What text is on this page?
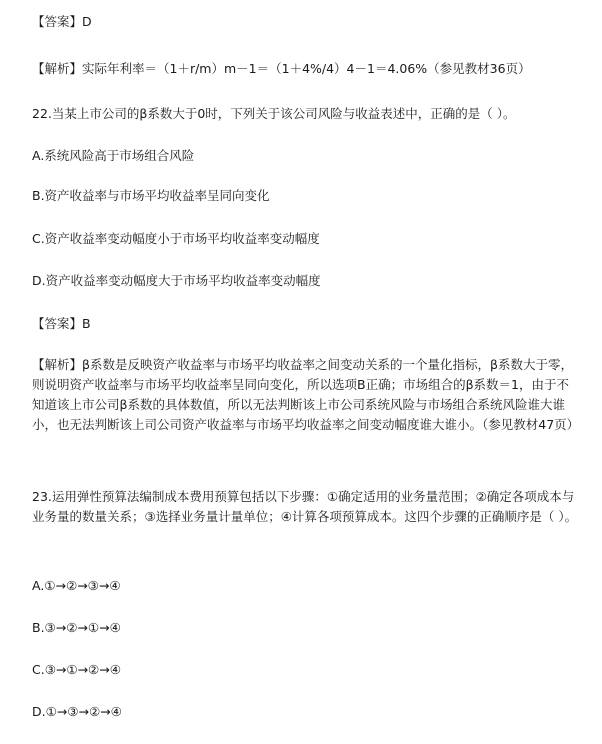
【答案】D
【解析】实际年利率＝（1＋r/m）m－1＝（1＋4%/4）4－1＝4.06%（参见教材36页）
22.当某上市公司的β系数大于0时，下列关于该公司风险与收益表述中，正确的是（ ）。
A.系统风险高于市场组合风险
B.资产收益率与市场平均收益率呈同向变化
C.资产收益率变动幅度小于市场平均收益率变动幅度
D.资产收益率变动幅度大于市场平均收益率变动幅度
【答案】B
【解析】β系数是反映资产收益率与市场平均收益率之间变动关系的一个量化指标，β系数大于零，则说明资产收益率与市场平均收益率呈同向变化，所以选项B正确；市场组合的β系数＝1，由于不知道该上市公司β系数的具体数值，所以无法判断该上市公司系统风险与市场组合系统风险谁大谁小，也无法判断该上司公司资产收益率与市场平均收益率之间变动幅度谁大谁小。（参见教材47页）
23.运用弹性预算法编制成本费用预算包括以下步骤：①确定适用的业务量范围；②确定各项成本与业务量的数量关系；③选择业务量计量单位；④计算各项预算成本。这四个步骤的正确顺序是（ ）。
A.①→②→③→④
B.③→②→①→④
C.③→①→②→④
D.①→③→②→④
